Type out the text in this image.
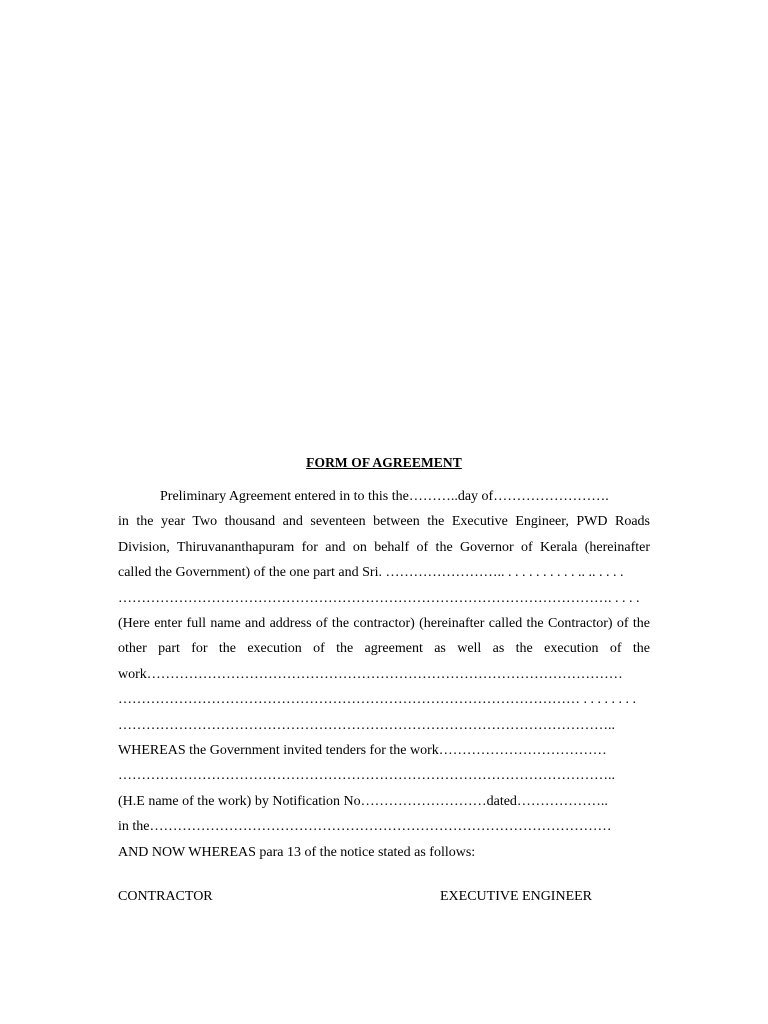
FORM OF AGREEMENT
Preliminary Agreement entered in to this the………..day of…………………….
in the year Two thousand and seventeen between the Executive Engineer, PWD Roads
Division, Thiruvananthapuram for and on behalf of the Governor of Kerala (hereinafter
called the Government) of the one part and Sri. …………………….. . . . . . . . . . . .. .. . . . .
……………………………………………………………………………………………. . . . .
(Here enter full name and address of the contractor) (hereinafter called the Contractor) of the
other part for the execution of the agreement as well as the execution of the
work…………………………………………………………………………………………
……………………………………………………………………………………… . . . . . . . .
……………………………………………………………………………………………..
WHEREAS the Government invited tenders for the work………………………………
……………………………………………………………………………………………..
(H.E name of the work) by Notification No………………………dated………………..
in the………………………………………………………………………………………
AND NOW WHEREAS para 13 of the notice stated as follows:
CONTRACTOR	EXECUTIVE ENGINEER
